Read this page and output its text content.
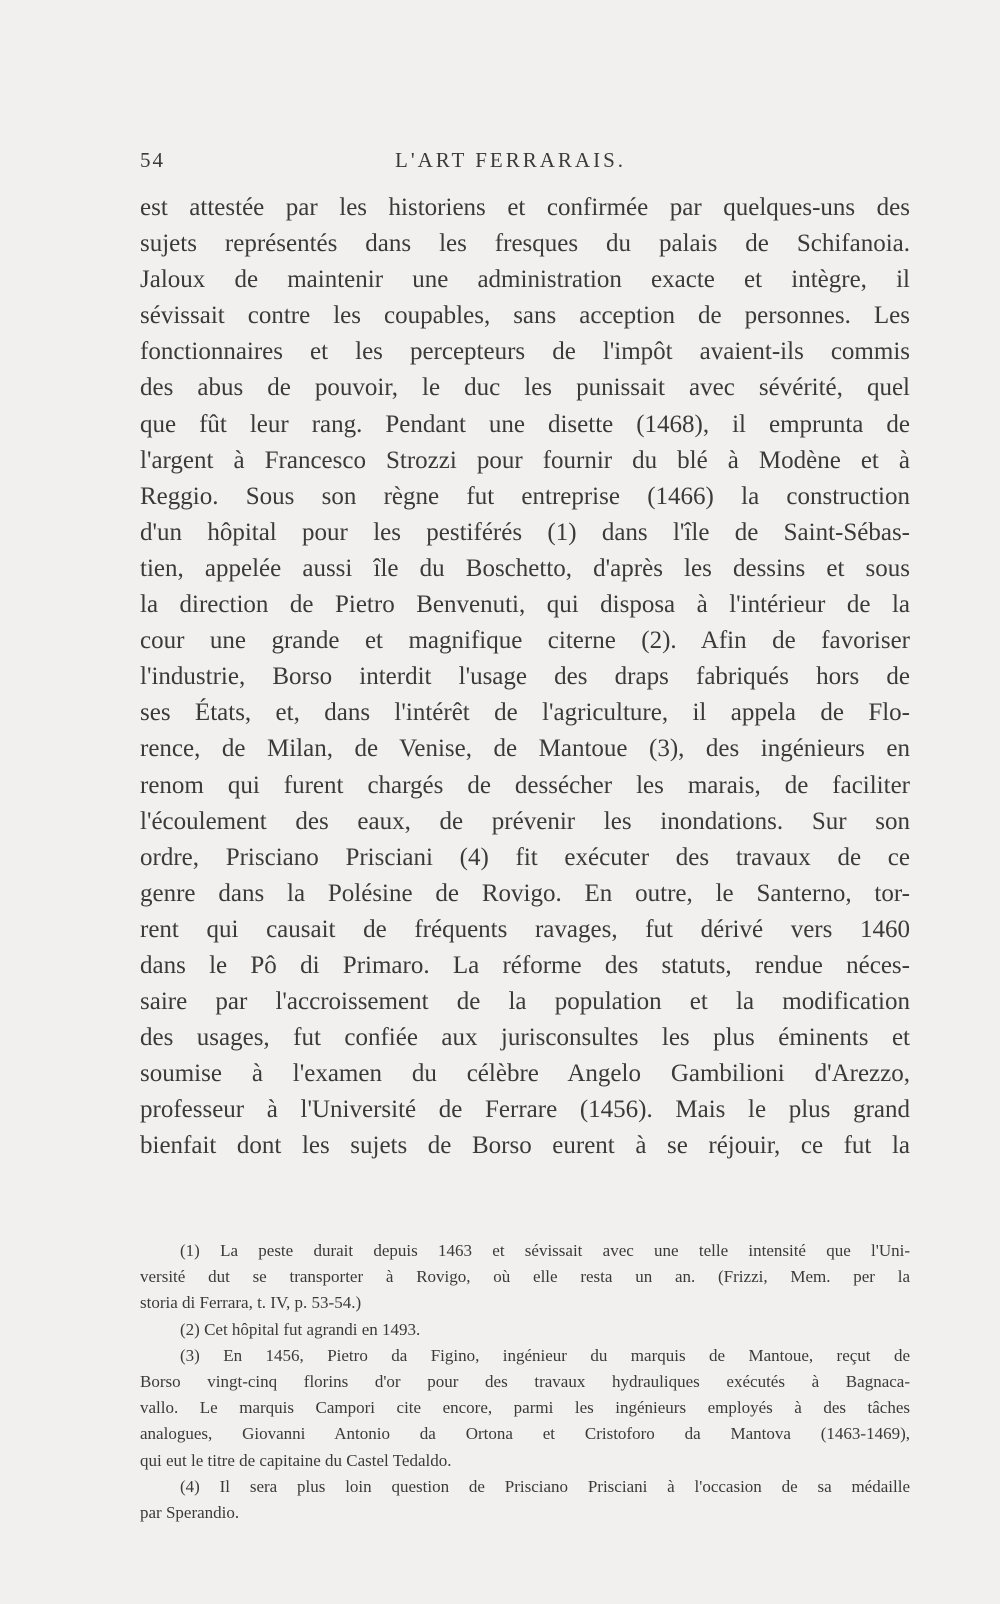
54	L'ART FERRARAIS.
est attestée par les historiens et confirmée par quelques-uns des
sujets représentés dans les fresques du palais de Schifanoia.
Jaloux de maintenir une administration exacte et intègre, il
sévissait contre les coupables, sans acception de personnes. Les
fonctionnaires et les percepteurs de l'impôt avaient-ils commis
des abus de pouvoir, le duc les punissait avec sévérité, quel
que fût leur rang. Pendant une disette (1468), il emprunta de
l'argent à Francesco Strozzi pour fournir du blé à Modène et à
Reggio. Sous son règne fut entreprise (1466) la construction
d'un hôpital pour les pestiférés (1) dans l'île de Saint-Sébas-
tien, appelée aussi île du Boschetto, d'après les dessins et sous
la direction de Pietro Benvenuti, qui disposa à l'intérieur de la
cour une grande et magnifique citerne (2). Afin de favoriser
l'industrie, Borso interdit l'usage des draps fabriqués hors de
ses États, et, dans l'intérêt de l'agriculture, il appela de Flo-
rence, de Milan, de Venise, de Mantoue (3), des ingénieurs en
renom qui furent chargés de dessécher les marais, de faciliter
l'écoulement des eaux, de prévenir les inondations. Sur son
ordre, Prisciano Prisciani (4) fit exécuter des travaux de ce
genre dans la Polésine de Rovigo. En outre, le Santerno, tor-
rent qui causait de fréquents ravages, fut dérivé vers 1460
dans le Pô di Primaro. La réforme des statuts, rendue néces-
saire par l'accroissement de la population et la modification
des usages, fut confiée aux jurisconsultes les plus éminents et
soumise à l'examen du célèbre Angelo Gambilioni d'Arezzo,
professeur à l'Université de Ferrare (1456). Mais le plus grand
bienfait dont les sujets de Borso eurent à se réjouir, ce fut la
(1) La peste durait depuis 1463 et sévissait avec une telle intensité que l'Uni-
versité dut se transporter à Rovigo, où elle resta un an. (Frizzi, Mem. per la
storia di Ferrara, t. IV, p. 53-54.)
(2) Cet hôpital fut agrandi en 1493.
(3) En 1456, Pietro da Figino, ingénieur du marquis de Mantoue, reçut de
Borso vingt-cinq florins d'or pour des travaux hydrauliques exécutés à Bagnaca-
vallo. Le marquis Campori cite encore, parmi les ingénieurs employés à des tâches
analogues, Giovanni Antonio da Ortona et Cristoforo da Mantova (1463-1469),
qui eut le titre de capitaine du Castel Tedaldo.
(4) Il sera plus loin question de Prisciano Prisciani à l'occasion de sa médaille
par Sperandio.
